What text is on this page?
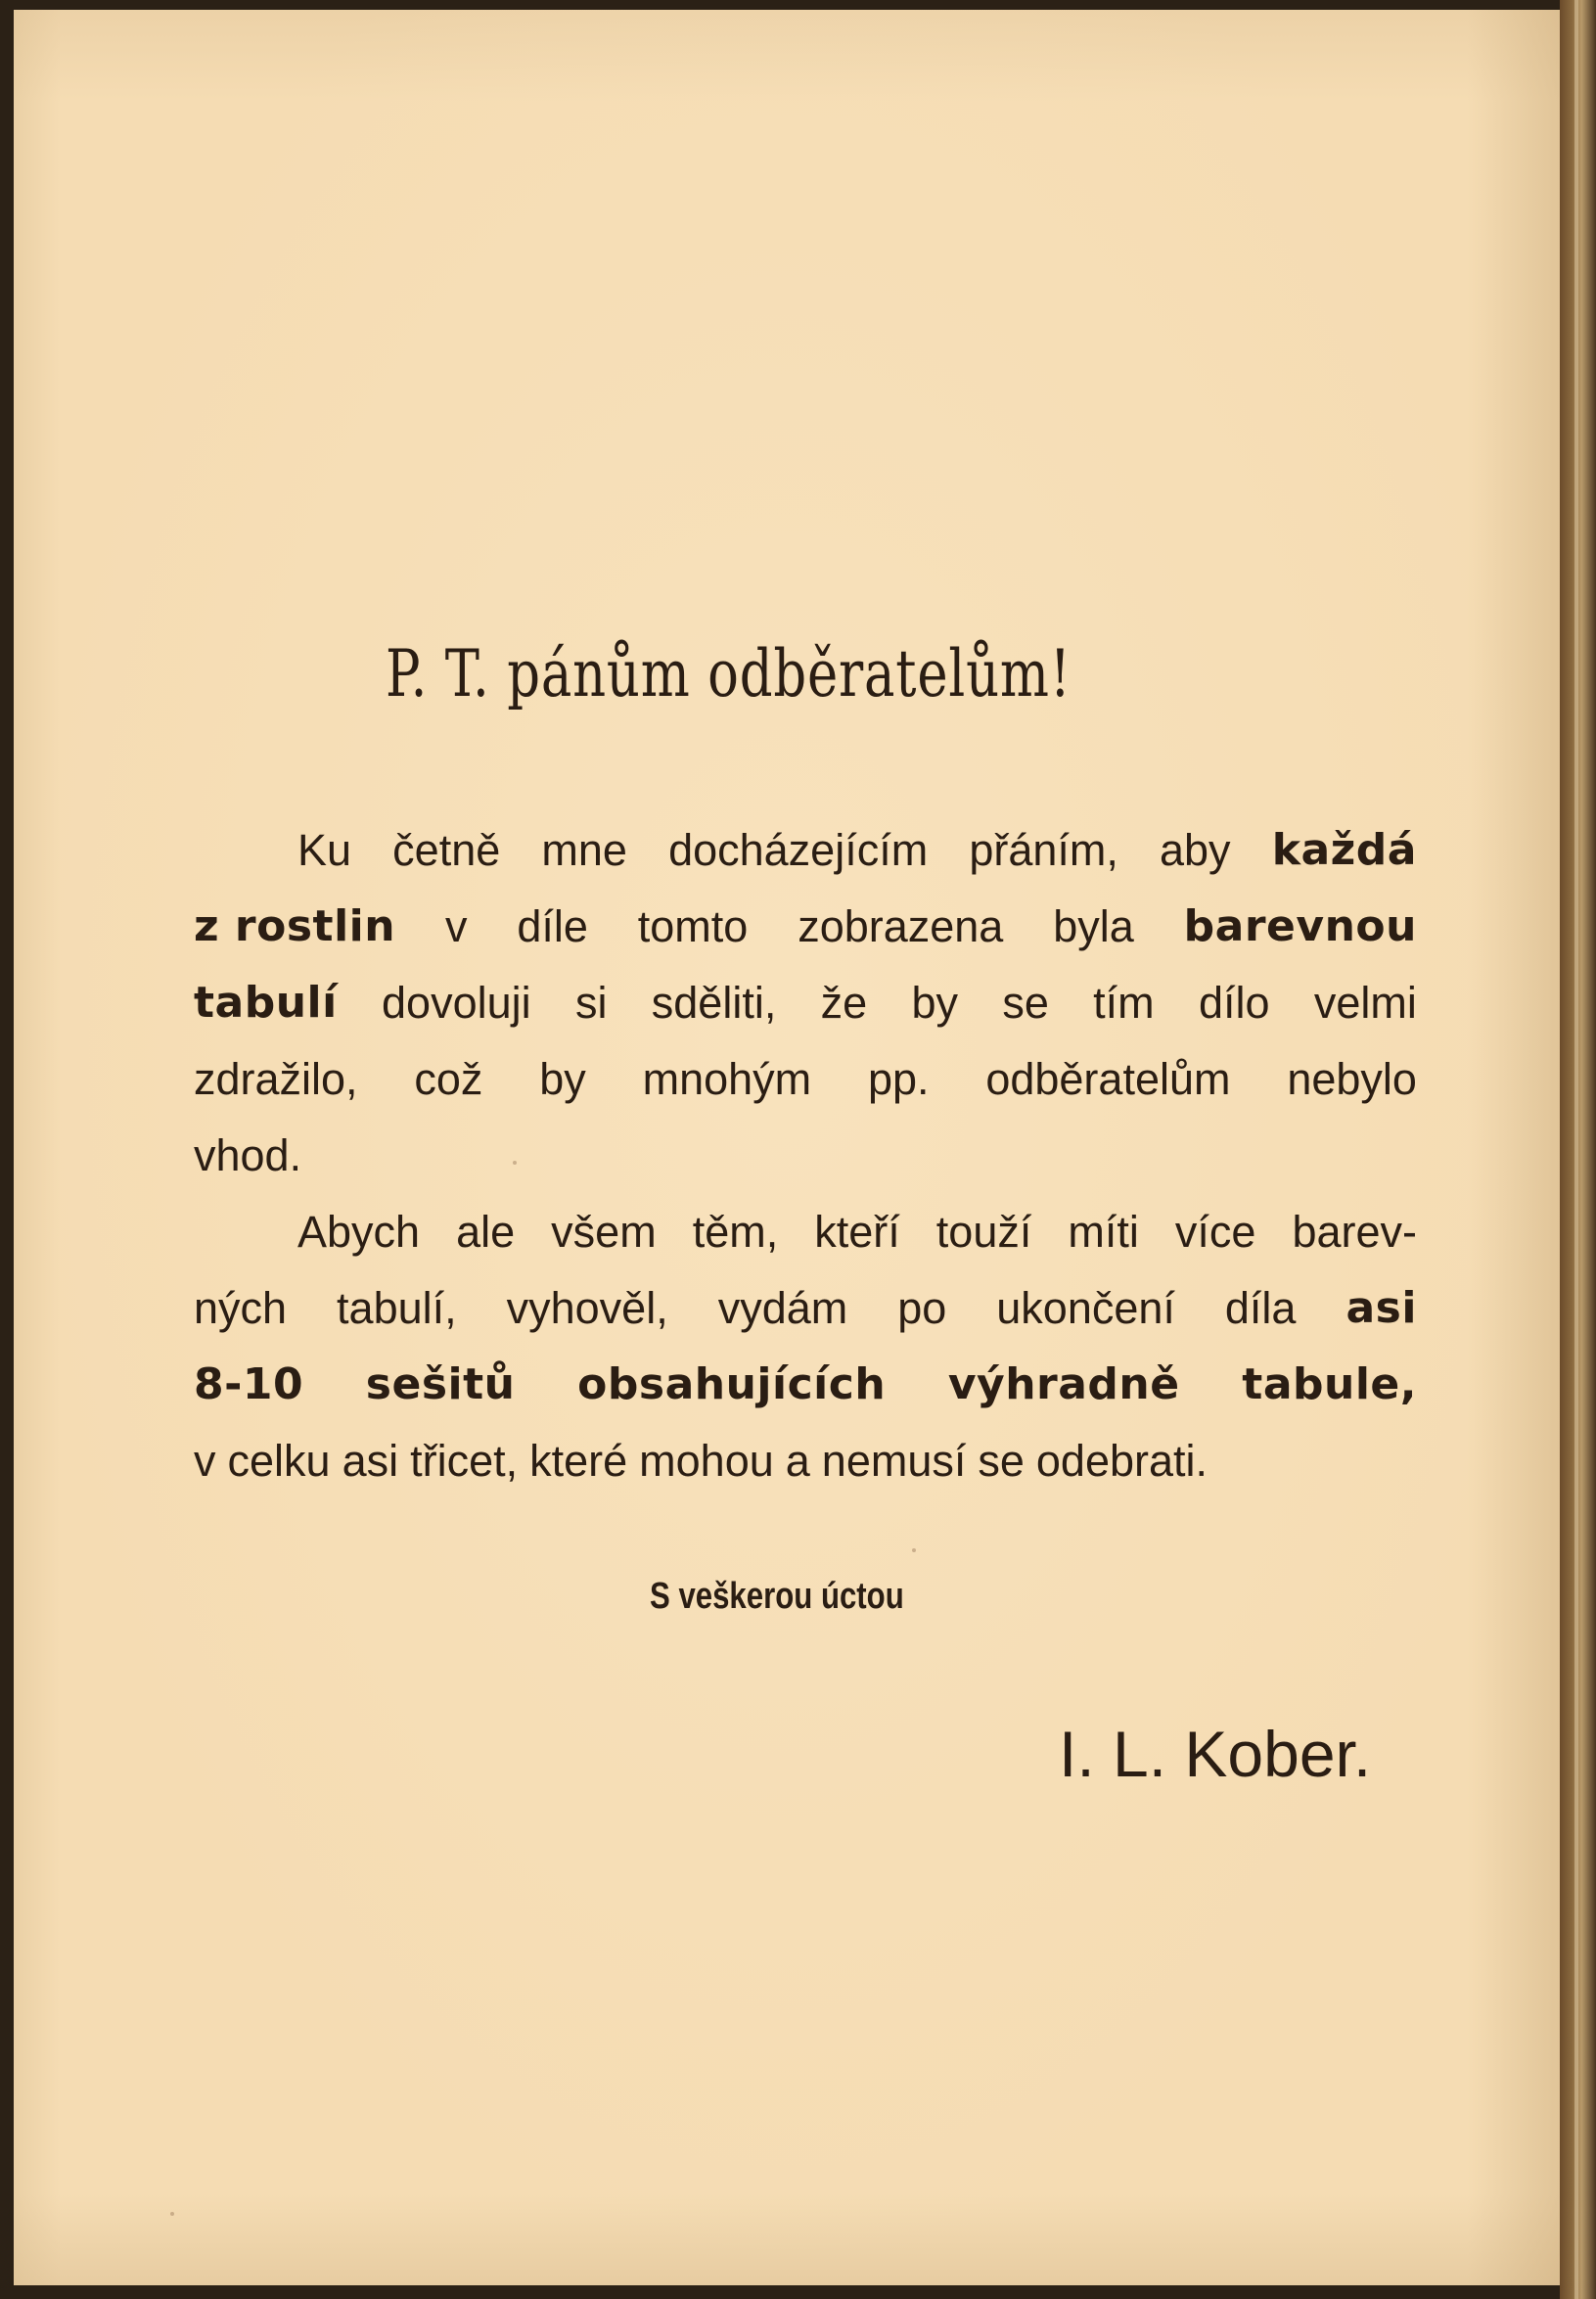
P. T. pánům odběratelům!
Ku četně mne docházejícím přáním, aby každá
z rostlin v díle tomto zobrazena byla barevnou
tabulí dovoluji si sděliti, že by se tím dílo velmi
zdražilo, což by mnohým pp. odběratelům nebylo
vhod.
Abych ale všem těm, kteří touží míti více barev-
ných tabulí, vyhověl, vydám po ukončení díla asi
8-10 sešitů obsahujících výhradně tabule,
v celku asi třicet, které mohou a nemusí se odebrati.
S veškerou úctou
I. L. Kober.
